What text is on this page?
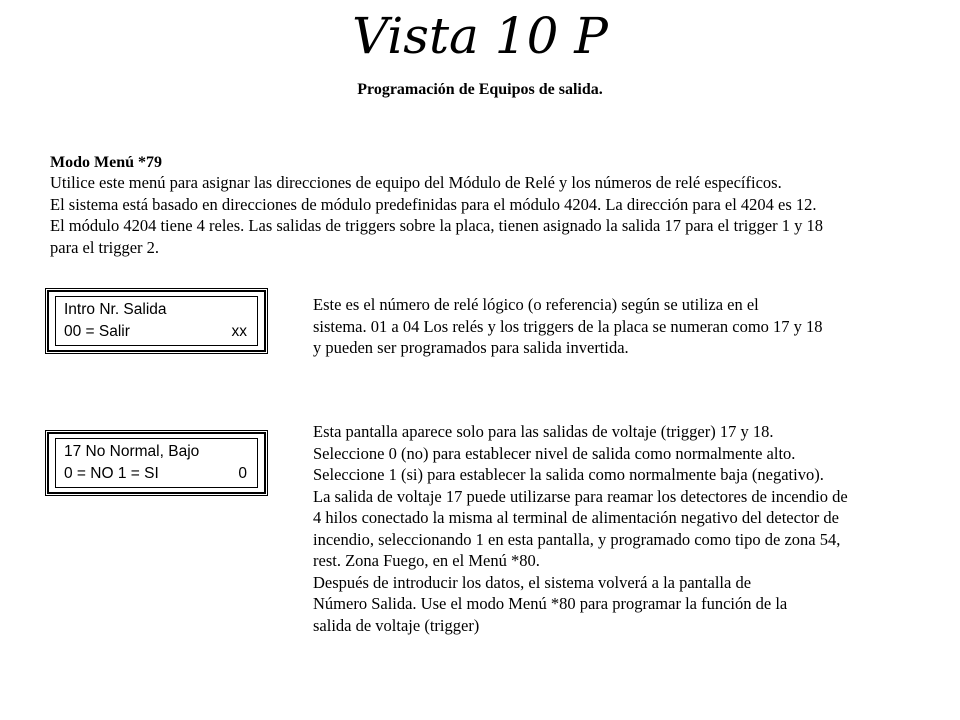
Vista 10 P
Programación de Equipos de salida.
Modo Menú *79

Utilice este menú para asignar las direcciones de equipo del Módulo de Relé y los números de relé específicos.

El sistema está basado en direcciones de módulo predefinidas para el módulo 4204. La dirección para el 4204 es 12.

El módulo 4204 tiene 4 reles. Las salidas de triggers sobre la placa, tienen asignado la salida 17 para el trigger 1 y 18

para el trigger 2.

Intro Nr. Salida
00 = Salir	xx

Este es el número de relé lógico (o referencia) según se utiliza en el

sistema. 01 a 04 Los relés y los triggers de la placa se numeran como 17 y 18

y pueden ser programados para salida invertida.

17 No Normal, Bajo
0 = NO 1 = SI	0

Esta pantalla aparece solo para las salidas de voltaje (trigger) 17 y 18.

Seleccione 0 (no) para establecer nivel de salida como normalmente alto.

Seleccione 1 (si) para establecer la salida como normalmente baja (negativo).

La salida de voltaje 17 puede utilizarse para reamar los detectores de incendio de

4 hilos conectado la misma al terminal de alimentación negativo del detector de

incendio, seleccionando 1 en esta pantalla, y programado como tipo de zona 54,

rest. Zona Fuego, en el Menú *80.

Después de introducir los datos, el sistema volverá a la pantalla de

Número Salida. Use el modo Menú *80 para programar la función de la

salida de voltaje (trigger)
